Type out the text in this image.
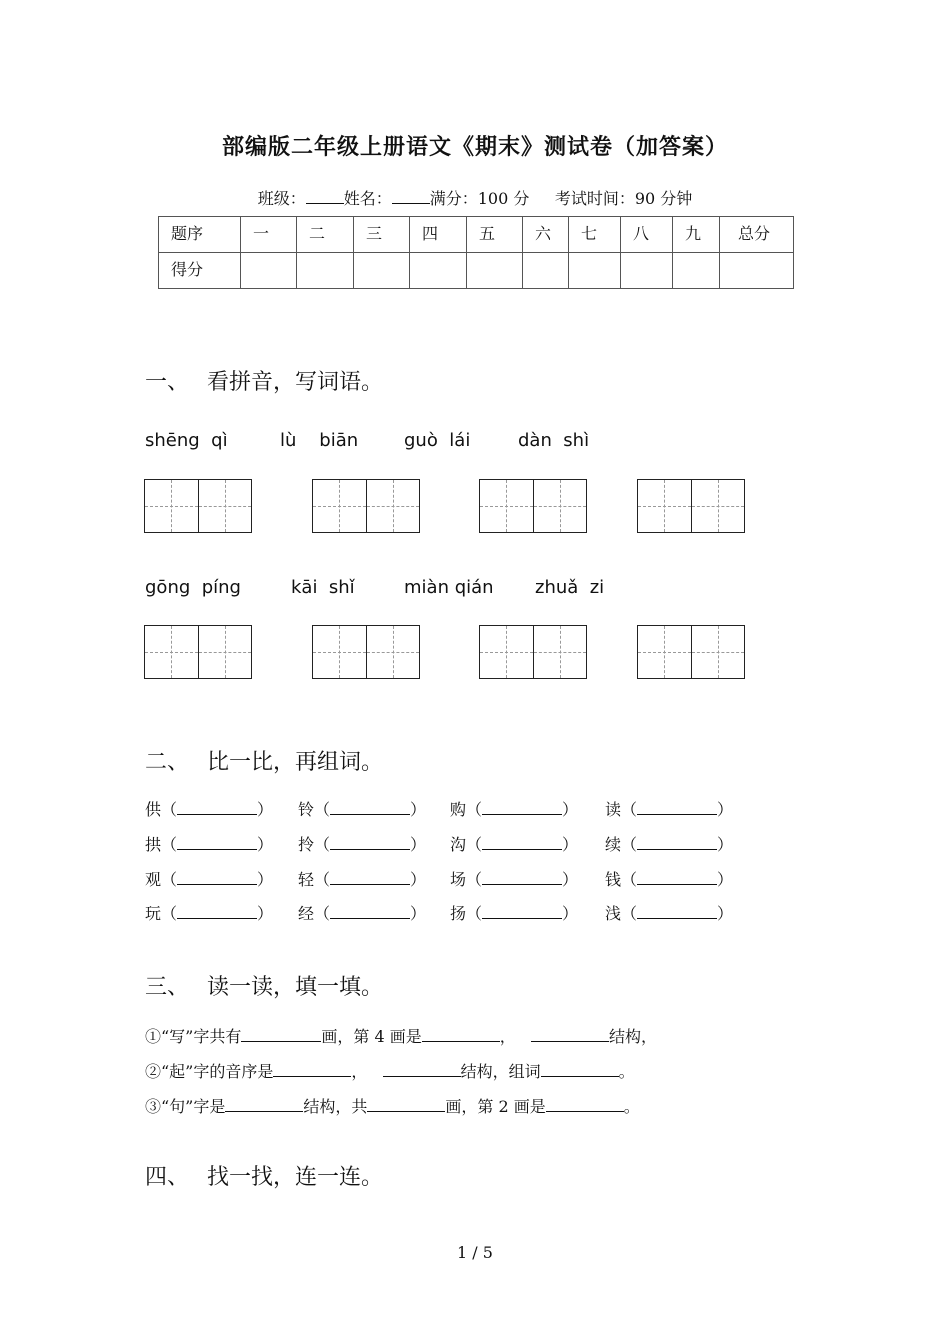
部编版二年级上册语文《期末》测试卷（加答案）
班级： 姓名： 满分：100 分 考试时间：90 分钟
题序	一	二	三	四	五	六	七	八	九	总分
得分										
一、 看拼音，写词语。
shēng  qì	lù    biān	guò  lái	dàn  shì
gōng  píng	kāi  shǐ	miàn qián zhuǎ  zi
二、 比一比，再组词。
供（	） 铃（	） 购（	） 读（	）
拱（	） 拎（	） 沟（	） 续（	）
观（	） 轻（	） 场（	） 钱（	）
玩（	） 经（	） 扬（	） 浅（	）
三、 读一读，填一填。
①“写”字共有	画，第 4 画是	，	结构，
②“起”字的音序是	，	结构，组词	。
③“句”字是	结构，共	画，第 2 画是	。
四、 找一找，连一连。
1 / 5
